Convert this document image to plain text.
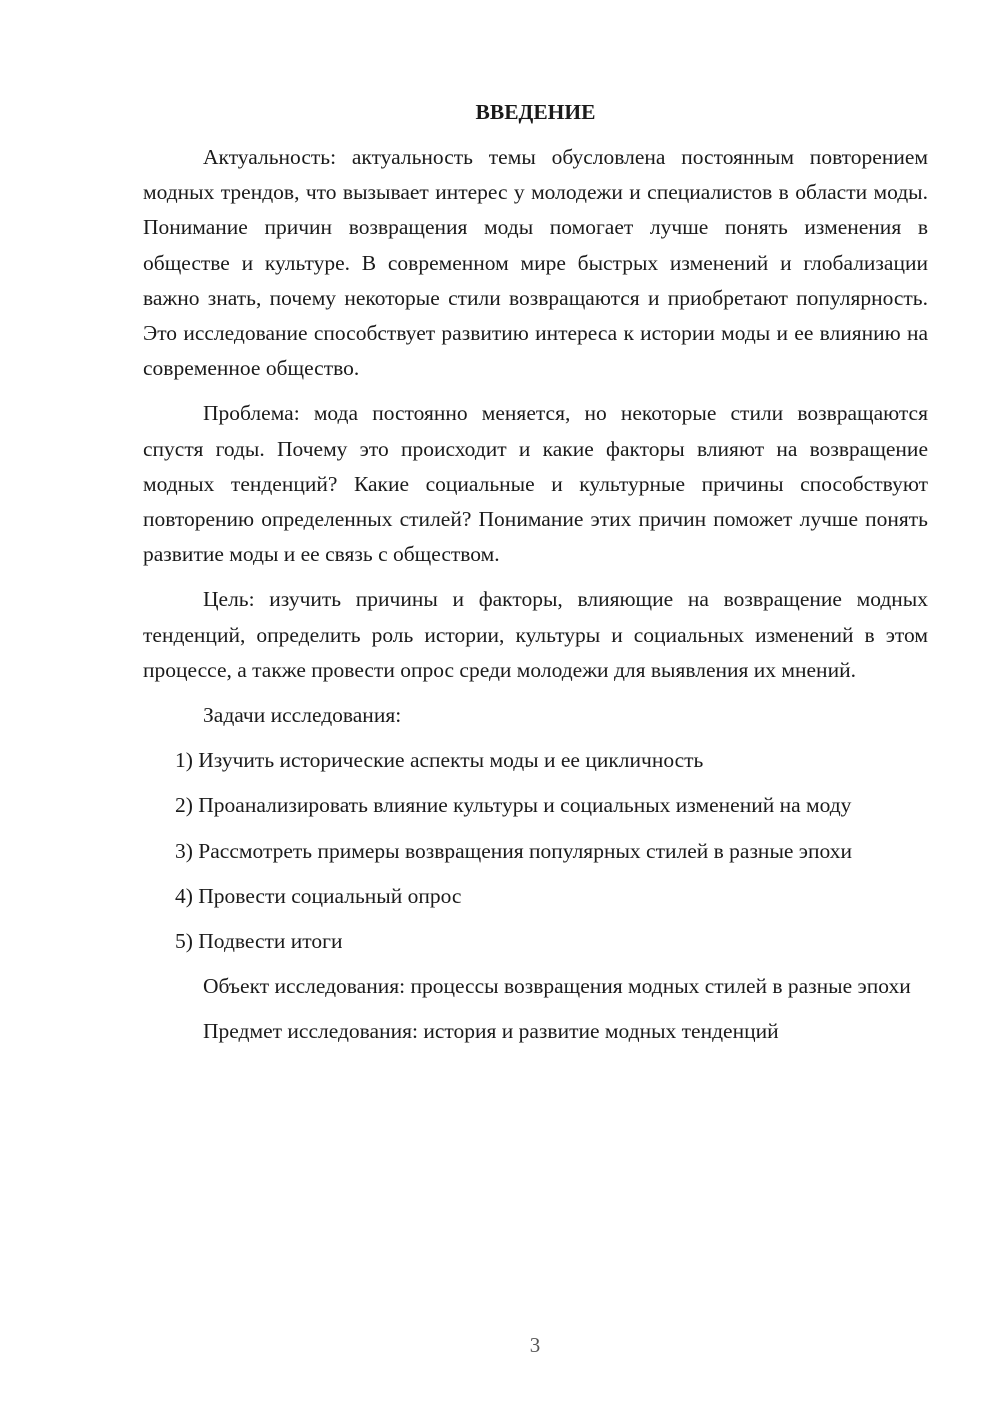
ВВЕДЕНИЕ

Актуальность: актуальность темы обусловлена постоянным повторением модных трендов, что вызывает интерес у молодежи и специалистов в области моды. Понимание причин возвращения моды помогает лучше понять изменения в обществе и культуре. В современном мире быстрых изменений и глобализации важно знать, почему некоторые стили возвращаются и приобретают популярность. Это исследование способствует развитию интереса к истории моды и ее влиянию на современное общество.

Проблема: мода постоянно меняется, но некоторые стили возвращаются спустя годы. Почему это происходит и какие факторы влияют на возвращение модных тенденций? Какие социальные и культурные причины способствуют повторению определенных стилей? Понимание этих причин поможет лучше понять развитие моды и ее связь с обществом.

Цель: изучить причины и факторы, влияющие на возвращение модных тенденций, определить роль истории, культуры и социальных изменений в этом процессе, а также провести опрос среди молодежи для выявления их мнений.

Задачи исследования:

1) Изучить исторические аспекты моды и ее цикличность

2) Проанализировать влияние культуры и социальных изменений на моду

3) Рассмотреть примеры возвращения популярных стилей в разные эпохи

4) Провести социальный опрос

5) Подвести итоги

Объект исследования: процессы возвращения модных стилей в разные эпохи

Предмет исследования: история и развитие модных тенденций

3
